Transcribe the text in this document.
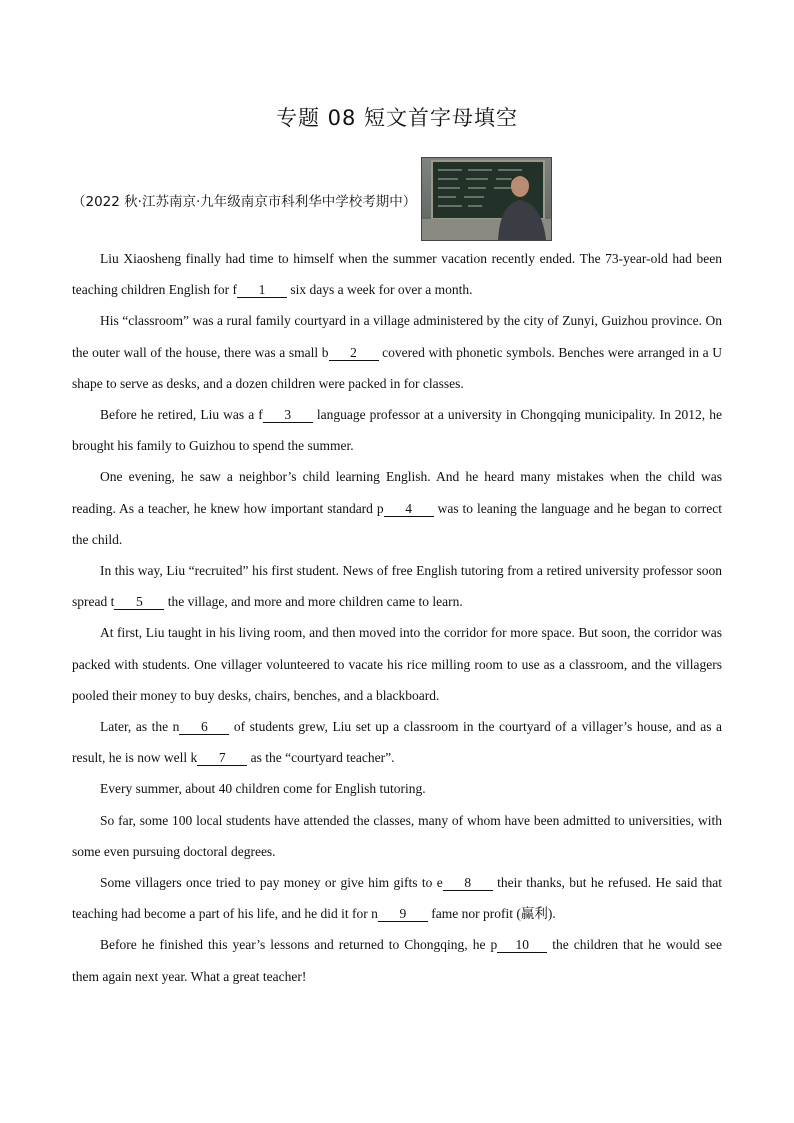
专题 08 短文首字母填空
（2022 秋·江苏南京·九年级南京市科利华中学校考期中）

Liu Xiaosheng finally had time to himself when the summer vacation recently ended. The 73-year-old had been teaching children English for f 1 six days a week for over a month.

His “classroom” was a rural family courtyard in a village administered by the city of Zunyi, Guizhou province. On the outer wall of the house, there was a small b 2 covered with phonetic symbols. Benches were arranged in a U shape to serve as desks, and a dozen children were packed in for classes.

Before he retired, Liu was a f 3 language professor at a university in Chongqing municipality. In 2012, he brought his family to Guizhou to spend the summer.

One evening, he saw a neighbor’s child learning English. And he heard many mistakes when the child was reading. As a teacher, he knew how important standard p 4 was to leaning the language and he began to correct the child.

In this way, Liu “recruited” his first student. News of free English tutoring from a retired university professor soon spread t 5 the village, and more and more children came to learn.

At first, Liu taught in his living room, and then moved into the corridor for more space. But soon, the corridor was packed with students. One villager volunteered to vacate his rice milling room to use as a classroom, and the villagers pooled their money to buy desks, chairs, benches, and a blackboard.

Later, as the n 6 of students grew, Liu set up a classroom in the courtyard of a villager’s house, and as a result, he is now well k 7 as the “courtyard teacher”.

Every summer, about 40 children come for English tutoring.

So far, some 100 local students have attended the classes, many of whom have been admitted to universities, with some even pursuing doctoral degrees.

Some villagers once tried to pay money or give him gifts to e 8 their thanks, but he refused. He said that teaching had become a part of his life, and he did it for n 9 fame nor profit (赢利).

Before he finished this year’s lessons and returned to Chongqing, he p 10 the children that he would see them again next year. What a great teacher!
